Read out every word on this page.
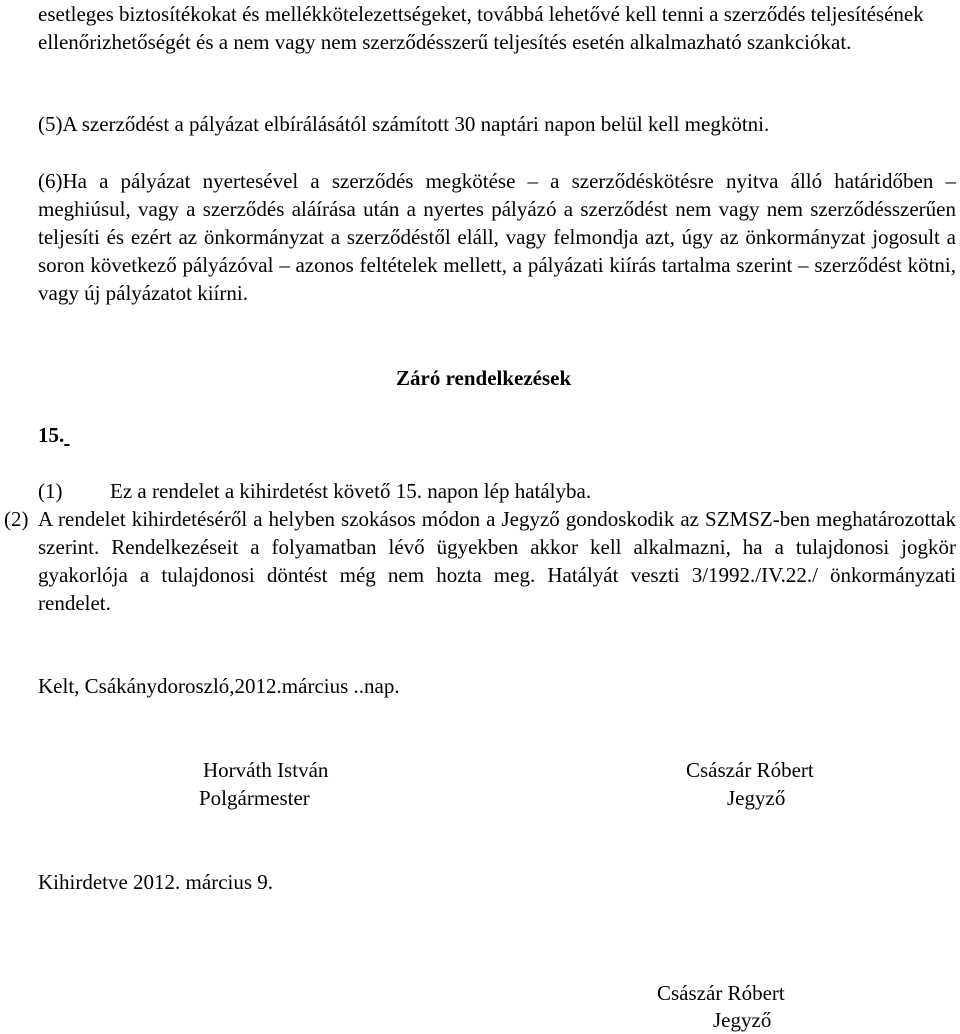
esetleges biztosítékokat és mellékkötelezettségeket, továbbá lehetővé kell tenni a szerződés teljesítésének ellenőrizhetőségét és a nem vagy nem szerződésszerű teljesítés esetén alkalmazható szankciókat.
(5)A szerződést a pályázat elbírálásától számított 30 naptári napon belül kell megkötni.
(6)Ha a pályázat nyertesével a szerződés megkötése – a szerződéskötésre nyitva álló határidőben – meghiúsul, vagy a szerződés aláírása után a nyertes pályázó a szerződést nem vagy nem szerződésszerűen teljesíti és ezért az önkormányzat a szerződéstől eláll, vagy felmondja azt, úgy az önkormányzat jogosult a soron következő pályázóval – azonos feltételek mellett, a pályázati kiírás tartalma szerint – szerződést kötni, vagy új pályázatot kiírni.
Záró rendelkezések
15.
(1) Ez a rendelet a kihirdetést követő 15. napon lép hatályba.
(2) A rendelet kihirdetéséről a helyben szokásos módon a Jegyző gondoskodik az SZMSZ-ben meghatározottak szerint. Rendelkezéseit a folyamatban lévő ügyekben akkor kell alkalmazni, ha a tulajdonosi jogkör gyakorlója a tulajdonosi döntést még nem hozta meg. Hatályát veszti 3/1992./IV.22./ önkormányzati rendelet.
Kelt, Csákánydoroszló,2012.március ..nap.
Horváth István
Polgármester
Császár Róbert
Jegyző
Kihirdetve 2012. március 9.
Császár Róbert
Jegyző
